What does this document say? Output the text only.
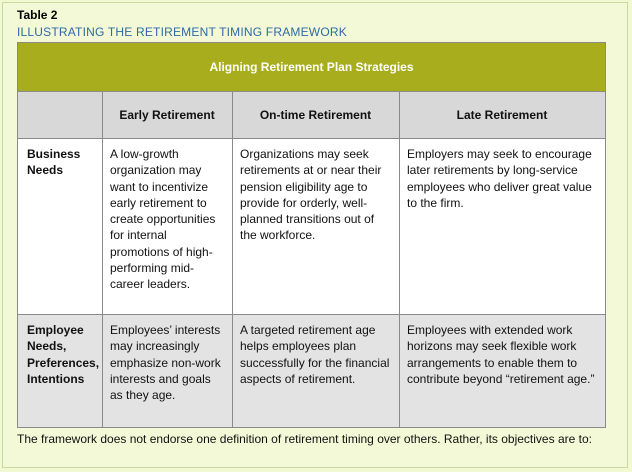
Table 2
ILLUSTRATING THE RETIREMENT TIMING FRAMEWORK
Aligning Retirement Plan Strategies
Early Retirement	On-time Retirement	Late Retirement
Business Needs
A low-growth organization may want to incentivize early retirement to create opportunities for internal promotions of high-performing mid-career leaders.
Organizations may seek retirements at or near their pension eligibility age to provide for orderly, well-planned transitions out of the workforce.
Employers may seek to encourage later retirements by long-service employees who deliver great value to the firm.
Employee Needs, Preferences, Intentions
Employees’ interests may increasingly emphasize non-work interests and goals as they age.
A targeted retirement age helps employees plan successfully for the financial aspects of retirement.
Employees with extended work horizons may seek flexible work arrangements to enable them to contribute beyond “retirement age.”
The framework does not endorse one definition of retirement timing over others. Rather, its objectives are to:
